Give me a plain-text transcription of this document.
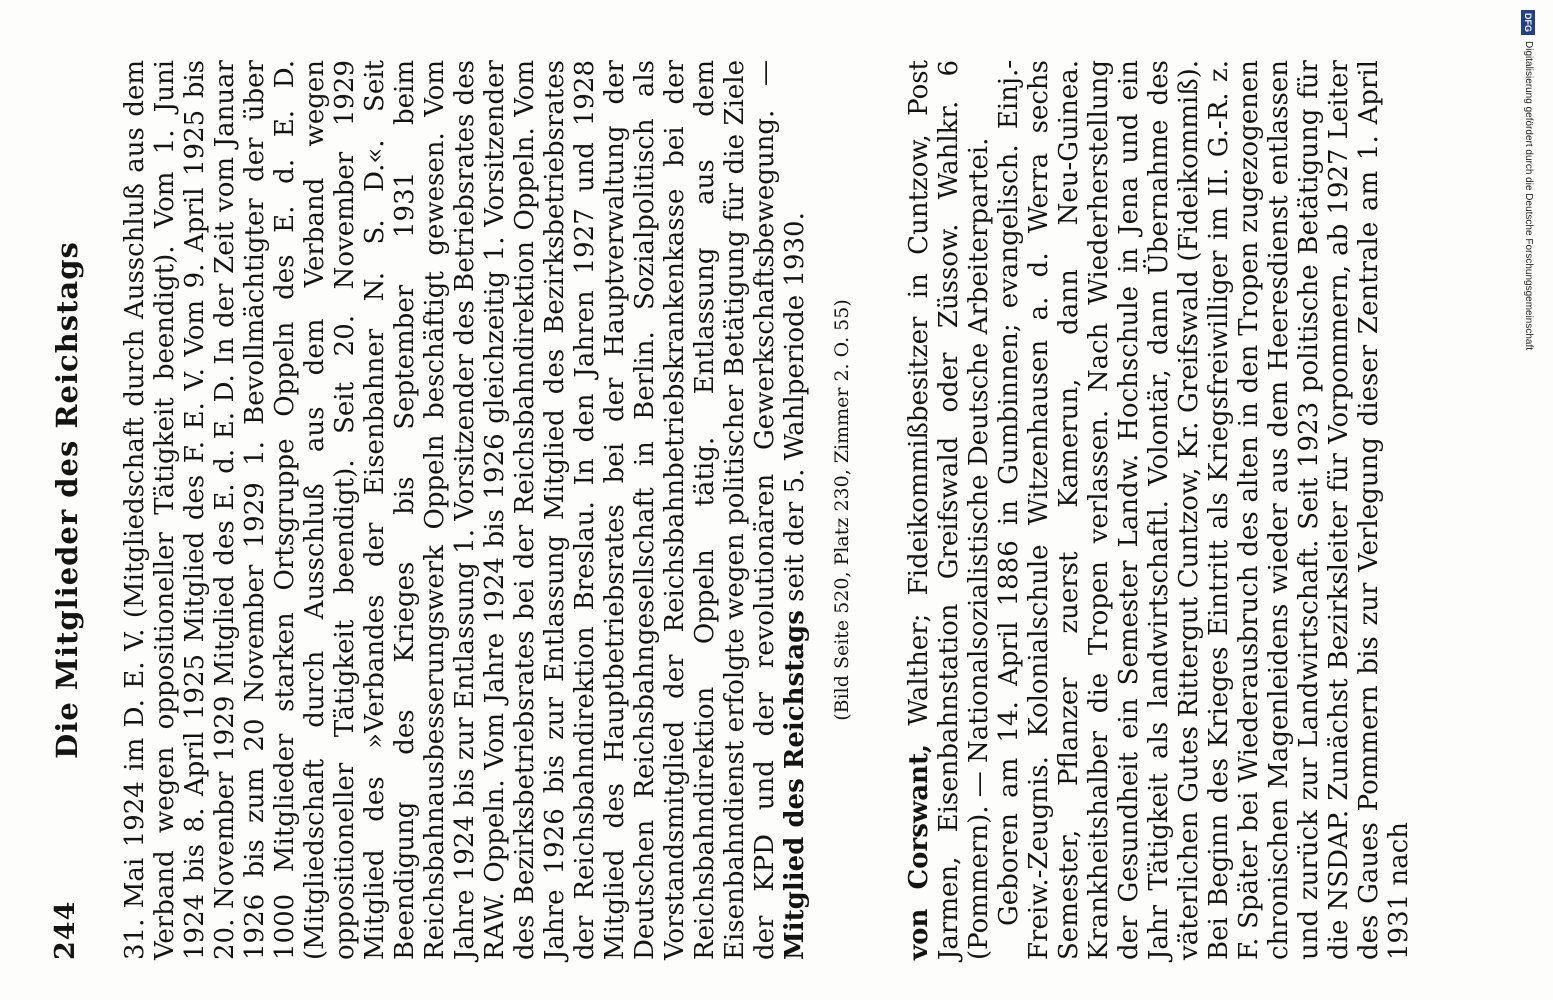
244
Die Mitglieder des Reichstags 31. Mai 1924 im D. E. V. (Mitgliedschaft durch Ausschluß aus dem Verband wegen oppositioneller Tätigkeit beendigt). Vom 1. Juni 1924 bis 8. April 1925 Mitglied des F. E. V. Vom 9. April 1925 bis 20. November 1929 Mitglied des E. d. E. D. In der Zeit vom Januar 1926 bis zum 20 November 1929 1. Bevollmächtigter der über 1000 Mitglieder starken Ortsgruppe Oppeln des E. d. E. D. (Mitgliedschaft durch Ausschluß aus dem Verband wegen oppositioneller Tätigkeit beendigt). Seit 20. November 1929 Mitglied des »Verbandes der Eisenbahner N. S. D.«. Seit Beendigung des Krieges bis September 1931 beim Reichsbahnausbesserungswerk Oppeln beschäftigt gewesen. Vom Jahre 1924 bis zur Entlassung 1. Vorsitzender des Betriebsrates des RAW. Oppeln. Vom Jahre 1924 bis 1926 gleichzeitig 1. Vorsitzender des Bezirksbetriebsrates bei der Reichsbahndirektion Oppeln. Vom Jahre 1926 bis zur Entlassung Mitglied des Bezirksbetriebsrates der Reichsbahndirektion Breslau. In den Jahren 1927 und 1928 Mitglied des Hauptbetriebsrates bei der Hauptverwaltung der Deutschen Reichsbahngesellschaft in Berlin. Sozialpolitisch als Vorstandsmitglied der Reichsbahnbetriebskrankenkasse bei der Reichsbahndirektion Oppeln tätig. Entlassung aus dem Eisenbahndienst erfolgte wegen politischer Betätigung für die Ziele der KPD und der revolutionären Gewerkschaftsbewegung. — Mitglied des Reichstags seit der 5. Wahlperiode 1930. (Bild Seite 520, Platz 230, Zimmer 2. O. 55)

von Corswant, Walther; Fideikommißbesitzer in Cuntzow, Post Jarmen, Eisenbahnstation Greifswald oder Züssow. Wahlkr. 6 (Pommern). — Nationalsozialistische Deutsche Arbeiterpartei. Geboren am 14. April 1886 in Gumbinnen; evangelisch. Einj.-Freiw.-Zeugnis. Kolonialschule Witzenhausen a. d. Werra sechs Semester, Pflanzer zuerst Kamerun, dann Neu-Guinea. Krankheitshalber die Tropen verlassen. Nach Wiederherstellung der Gesundheit ein Semester Landw. Hochschule in Jena und ein Jahr Tätigkeit als landwirtschaftl. Volontär, dann Übernahme des väterlichen Gutes Rittergut Cuntzow, Kr. Greifswald (Fideikommiß). Bei Beginn des Krieges Eintritt als Kriegsfreiwilliger im II. G.-R. z. F. Später bei Wiederausbruch des alten in den Tropen zugezogenen chronischen Magenleidens wieder aus dem Heeresdienst entlassen und zurück zur Landwirtschaft. Seit 1923 politische Betätigung für die NSDAP. Zunächst Bezirksleiter für Vorpommern, ab 1927 Leiter des Gaues Pommern bis zur Verlegung dieser Zentrale am 1. April 1931 nach

DFG
Digitalisierung gefördert durch die Deutsche Forschungsgemeinschaft
